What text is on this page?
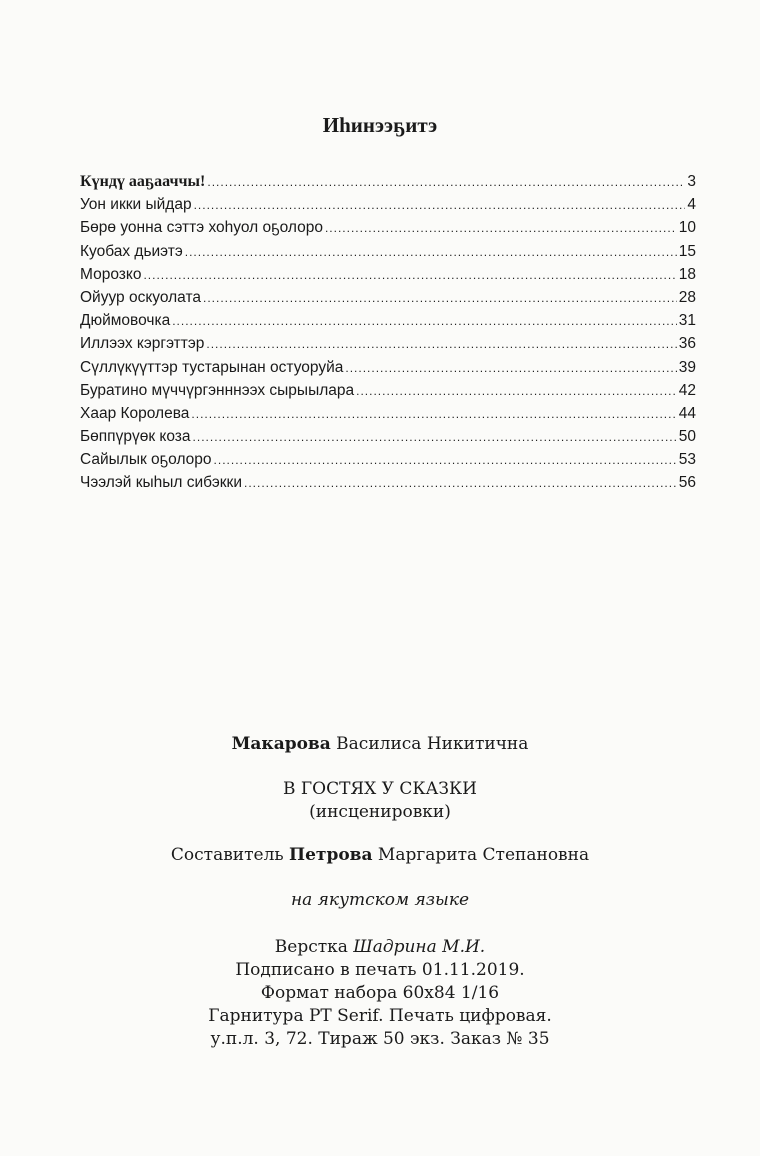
Иһинээҕитэ
Күндү ааҕааччы! .....	3
Уон икки ыйдар .....	4
Бөрө уонна сэттэ хоһуол оҕолоро .....	10
Куобах дьиэтэ .....	15
Морозко .....	18
Ойуур оскуолата .....	28
Дюймовочка .....	31
Иллээх кэргэттэр .....	36
Сүллүкүүттэр тустарынан остуоруйа .....	39
Буратино мүччүргэнннээх сырыылара .....	42
Хаар Королева .....	44
Бөппүрүөк коза .....	50
Сайылык оҕолоро .....	53
Чээлэй кыһыл сибэкки .....	56
Макарова Василиса Никитична
В ГОСТЯХ У СКАЗКИ
(инсценировки)
Составитель Петрова Маргарита Степановна
на якутском языке
Верстка Шадрина М.И.
Подписано в печать 01.11.2019.
Формат набора 60х84 1/16
Гарнитура PT Serif. Печать цифровая.
у.п.л. 3, 72. Тираж 50 экз. Заказ № 35
